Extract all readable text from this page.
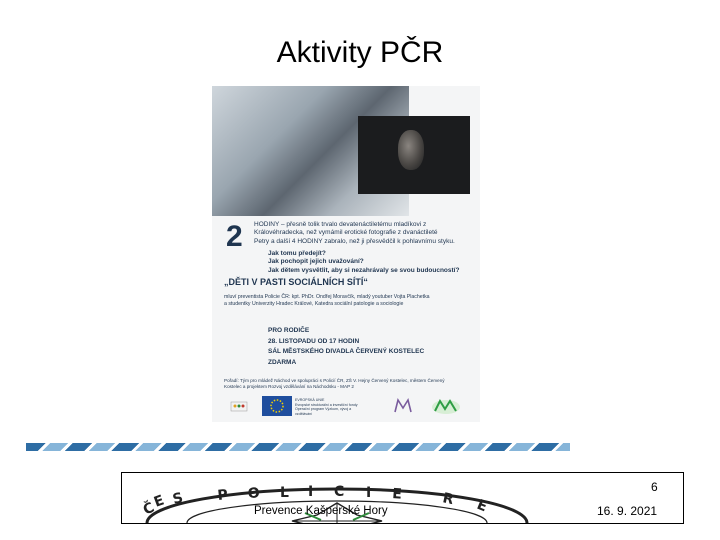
Aktivity PČR
2 HODINY – přesně tolik trvalo devatenáctiletému mladíkovi z
Královéhradecka, než vymámil erotické fotografie z dvanáctileté
Petry a další 4 HODINY zabralo, než ji přesvědčil k pohlavnímu styku.
Jak tomu předejít?
Jak pochopit jejich uvažování?
Jak dětem vysvětlit, aby si nezahrávaly se svou budoucností?
„DĚTI V PASTI SOCIÁLNÍCH SÍTÍ“
mluví preventista Policie ČR: kpt. PhDr. Ondřej Moravčík, mladý youtuber Vojta Plachetka
a studentky Univerzity Hradec Králové, Katedra sociální patologie a sociologie
PRO RODIČE
28. LISTOPADU OD 17 HODIN
SÁL MĚSTSKÉHO DIVADLA ČERVENÝ KOSTELEC
ZDARMA
Pořadí: Tým pro mládež Náchod ve spolupráci s Policií ČR, ZŠ V. Hejny Červený Kostelec, městem Červený
Kostelec a projektem Rozvoj vzdělávání na Náchodsku - MAP 2
EVROPSKÁ UNIE
Evropské strukturální a investiční fondy
Operační program Výzkum, vývoj a vzdělávání
Č
E S P O L I C I E	R E
Prevence Kašperské Hory
6
16. 9. 2021
